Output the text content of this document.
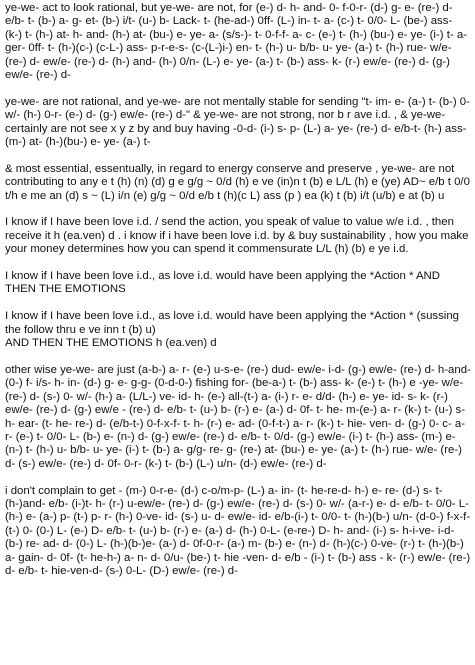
ye-we- act to look rational, but ye-we- are not, for (e-) d- h- and- 0- f-0-r- (d-) g- e- (re-) d- e/b- t- (b-) a- g- et- (b-) i/t- (u-) b- Lack- t- (he-ad-) 0ff- (L-) in- t- a- (c-) t- 0/0- L- (be-) ass- (k-) t- (h-) at- h- and- (h-) at- (bu-) e- ye- a- (s/s-)- t- 0-f-f- a- c- (e-) t- (h-) (bu-) e- ye- (i-) t- a- ger- 0ff- t- (h-)(c-) (c-L-) ass- p-r-e-s- (c-(L-)i-) en- t- (h-) u- b/b- u- ye- (a-) t- (h-) rue- w/e- (re-) d- ew/e- (re-) d- (h-) and- (h-) 0/n- (L-) e- ye- (a-) t- (b-) ass- k- (r-) ew/e- (re-) d- (g-) ew/e- (re-) d-

ye-we- are not rational, and ye-we- are not mentally stable for sending "t- im- e- (a-) t- (b-) 0- w/- (h-) 0-r- (e-) d- (g-) ew/e- (re-) d-" & ye-we- are not strong, nor b r ave i.d. , & ye-we- certainly are not see x y z by and buy having -0-d- (i-) s- p- (L-) a- ye- (re-) d- e/b-t- (h-) ass- (m-) at- (h-)(bu-) e- ye- (a-) t-

& most essential, essentually, in regard to energy conserve and preserve , ye-we- are not contributing to any e t (h) (n) (d) g e g/g ~ 0/d (h) e ve (in)n t (b) e L/L (h) e (ye) AD~ e/b t 0/0 t/h e me an (d) s ~ (L) i/n (e) g/g ~ 0/d e/b t (h)(c L) ass (p ) ea (k) t (b) i/t (u/b) e at (b) u

I know if I have been love i.d. / send the action, you speak of value to value w/e i.d. , then receive it h (ea.ven) d . i know if i have been love i.d. by & buy sustainability , how you make your money determines how you can spend it commensurate L/L (h) (b) e ye i.d.

I know if I have been love i.d., as love i.d. would have been applying the *Action * AND THEN THE EMOTIONS

I know if I have been love i.d., as love i.d. would have been applying the *Action * (sussing the follow thru e ve inn t (b) u)
AND THEN THE EMOTIONS h (ea.ven) d

other wise ye-we- are just (a-b-) a- r- (e-) u-s-e- (re-) dud- ew/e- i-d- (g-) ew/e- (re-) d- h-and- (0-) f- i/s- h- in- (d-) g- e- g-g- (0-d-0-) fishing for- (be-a-) t- (b-) ass- k- (e-) t- (h-) e -ye- w/e- (re-) d- (s-) 0- w/- (h-) a- (L/L-) ve- id- h- (e-) all-(t-) a- (i-) r- e- d/d- (h-) e- ye- id- s- k- (r-) ew/e- (re-) d- (g-) ew/e - (re-) d- e/b- t- (u-) b- (r-) e- (a-) d- 0f- t- he- m-(e-) a- r- (k-) t- (u-) s- h- ear- (t- he- re-) d- (e/b-t-) 0-f-x-f- t- h- (r-) e- ad- (0-f-t-) a- r- (k-) t- hie- ven- d- (g-) 0- c- a- r- (e-) t- 0/0- L- (b-) e- (n-) d- (g-) ew/e- (re-) d- e/b- t- 0/d- (g-) ew/e- (i-) t- (h-) ass- (m-) e- (n-) t- (h-) u- b/b- u- ye- (i-) t- (b-) a- g/g- re- g- (re-) at- (bu-) e- ye- (a-) t- (h-) rue- w/e- (re-) d- (s-) ew/e- (re-) d- 0f- 0-r- (k-) t- (b-) (L-) u/n- (d-) ew/e- (re-) d-

i don't complain to get - (m-) 0-r-e- (d-) c-o/m-p- (L-) a- in- (t- he-re-d- h-) e- re- (d-) s- t- (h-)and- e/b- (i-)t- h- (r-) u-ew/e- (re-) d- (g-) ew/e- (re-) d- (s-) 0- w/- (a-r-) e- d- e/b- t- 0/0- L- (h-) e- (a-) p- (t-) p- r- (h-) 0-ve- id- (s-) u- d- ew/e- id- e/b-(i-) t- 0/0- t- (h-)(b-) u/n- (d-0-) f-x-f- (t-) 0- (0-) L- (e-) D- e/b- t- (u-) b- (r-) e- (a-) d- (h-) 0-L- (e-re-) D- h- and- (i-) s- h-i-ve- i-d- (b-) re- ad- d- (0-) L- (h-)(b-)e- (a-) d- 0f-0-r- (a-) m- (b-) e- (n-) d- (h-)(c-) 0-ve- (r-) t- (h-)(b-) a- gain- d- 0f- (t- he-h-) a- n- d- 0/u- (be-) t- hie -ven- d- e/b - (i-) t- (b-) ass - k- (r-) ew/e- (re-) d- e/b- t- hie-ven-d- (s-) 0-L- (D-) ew/e- (re-) d-
